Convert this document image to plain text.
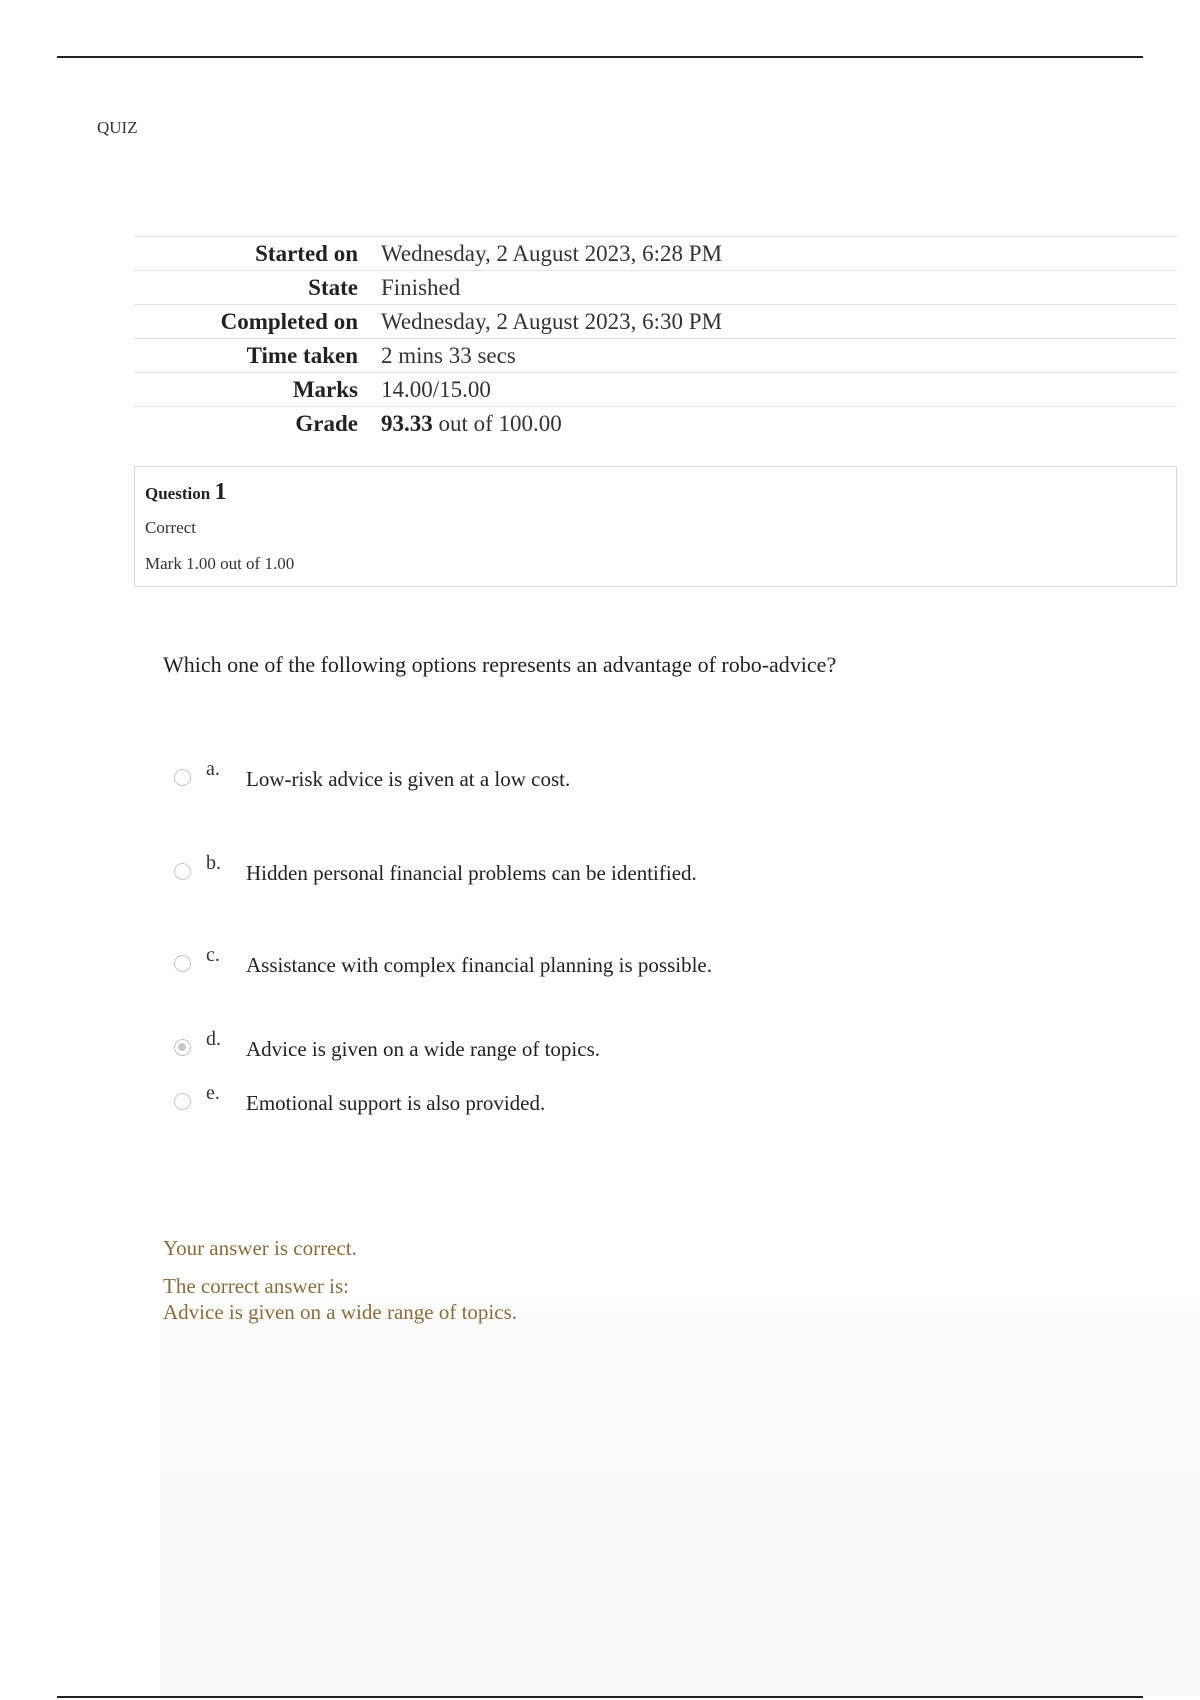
QUIZ
Started on	Wednesday, 2 August 2023, 6:28 PM
State	Finished
Completed on	Wednesday, 2 August 2023, 6:30 PM
Time taken	2 mins 33 secs
Marks	14.00/15.00
Grade	93.33 out of 100.00
Question 1
Correct
Mark 1.00 out of 1.00
Which one of the following options represents an advantage of robo-advice?
a. Low-risk advice is given at a low cost.
b. Hidden personal financial problems can be identified.
c. Assistance with complex financial planning is possible.
d. Advice is given on a wide range of topics.
e. Emotional support is also provided.
Your answer is correct.
The correct answer is:
Advice is given on a wide range of topics.
